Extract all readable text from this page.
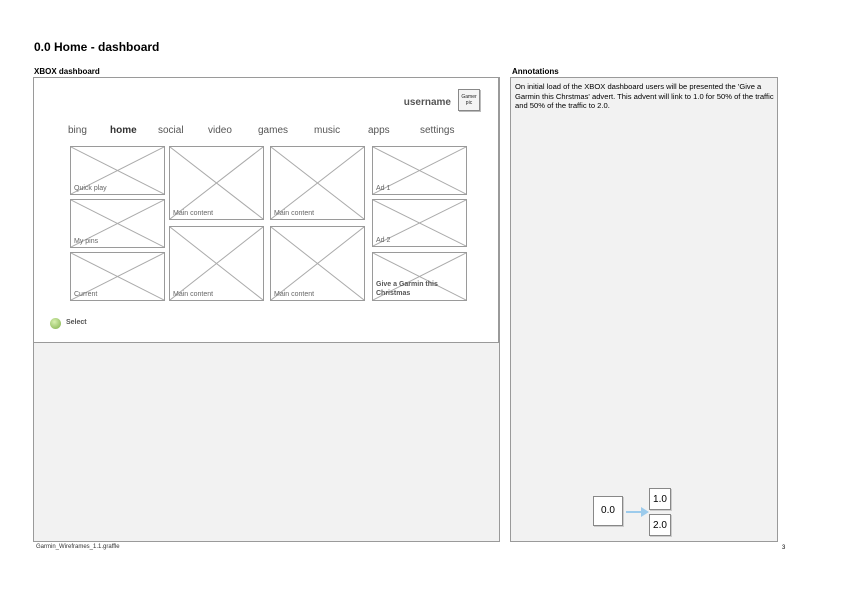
0.0 Home - dashboard
XBOX dashboard
username	Gamer pic
bing home social video	games	music	apps	settings
Quick play
My pins
Current
Main content
Main content
Main content
Main content
Ad 1
Ad 2
Give a Garmin this Christmas
Select
Annotations
On initial load of the XBOX dashboard users will be presented the 'Give a Garmin this Chrstmas' advert. This advent will link to 1.0 for 50% of the traffic and 50% of the traffic to 2.0.
0.0
1.0
2.0
Garmin_Wireframes_1.1.graffle	3
